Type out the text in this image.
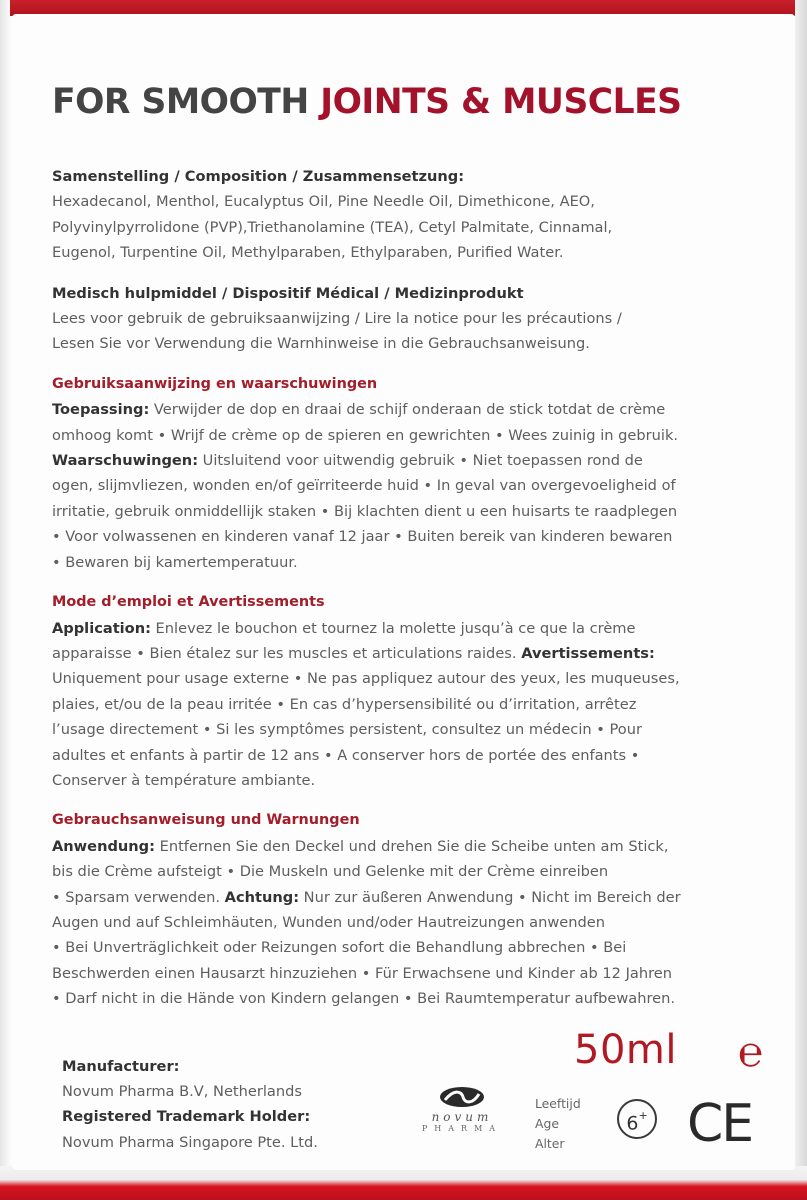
FOR SMOOTH JOINTS & MUSCLES
Samenstelling / Composition / Zusammensetzung:
Hexadecanol, Menthol, Eucalyptus Oil, Pine Needle Oil, Dimethicone, AEO,
Polyvinylpyrrolidone (PVP),Triethanolamine (TEA), Cetyl Palmitate, Cinnamal,
Eugenol, Turpentine Oil, Methylparaben, Ethylparaben, Purified Water.
Medisch hulpmiddel / Dispositif Médical / Medizinprodukt
Lees voor gebruik de gebruiksaanwijzing / Lire la notice pour les précautions /
Lesen Sie vor Verwendung die Warnhinweise in die Gebrauchsanweisung.
Gebruiksaanwijzing en waarschuwingen
Toepassing: Verwijder de dop en draai de schijf onderaan de stick totdat de crème
omhoog komt • Wrijf de crème op de spieren en gewrichten • Wees zuinig in gebruik.
Waarschuwingen: Uitsluitend voor uitwendig gebruik • Niet toepassen rond de
ogen, slijmvliezen, wonden en/of geïrriteerde huid • In geval van overgevoeligheid of
irritatie, gebruik onmiddellijk staken • Bij klachten dient u een huisarts te raadplegen
• Voor volwassenen en kinderen vanaf 12 jaar • Buiten bereik van kinderen bewaren
• Bewaren bij kamertemperatuur.
Mode d’emploi et Avertissements
Application: Enlevez le bouchon et tournez la molette jusqu’à ce que la crème
apparaisse • Bien étalez sur les muscles et articulations raides. Avertissements:
Uniquement pour usage externe • Ne pas appliquez autour des yeux, les muqueuses,
plaies, et/ou de la peau irritée • En cas d’hypersensibilité ou d’irritation, arrêtez
l’usage directement • Si les symptômes persistent, consultez un médecin • Pour
adultes et enfants à partir de 12 ans • A conserver hors de portée des enfants •
Conserver à température ambiante.
Gebrauchsanweisung und Warnungen
Anwendung: Entfernen Sie den Deckel und drehen Sie die Scheibe unten am Stick,
bis die Crème aufsteigt • Die Muskeln und Gelenke mit der Crème einreiben
• Sparsam verwenden. Achtung: Nur zur äußeren Anwendung • Nicht im Bereich der
Augen und auf Schleimhäuten, Wunden und/oder Hautreizungen anwenden
• Bei Unverträglichkeit oder Reizungen sofort die Behandlung abbrechen • Bei
Beschwerden einen Hausarzt hinzuziehen • Für Erwachsene und Kinder ab 12 Jahren
• Darf nicht in die Hände von Kindern gelangen • Bei Raumtemperatur aufbewahren.
Manufacturer:
Novum Pharma B.V, Netherlands
Registered Trademark Holder:
Novum Pharma Singapore Pte. Ltd.
50ml ℮
novum
PHARMA
Leeftijd
Age
Alter
6+ CE
